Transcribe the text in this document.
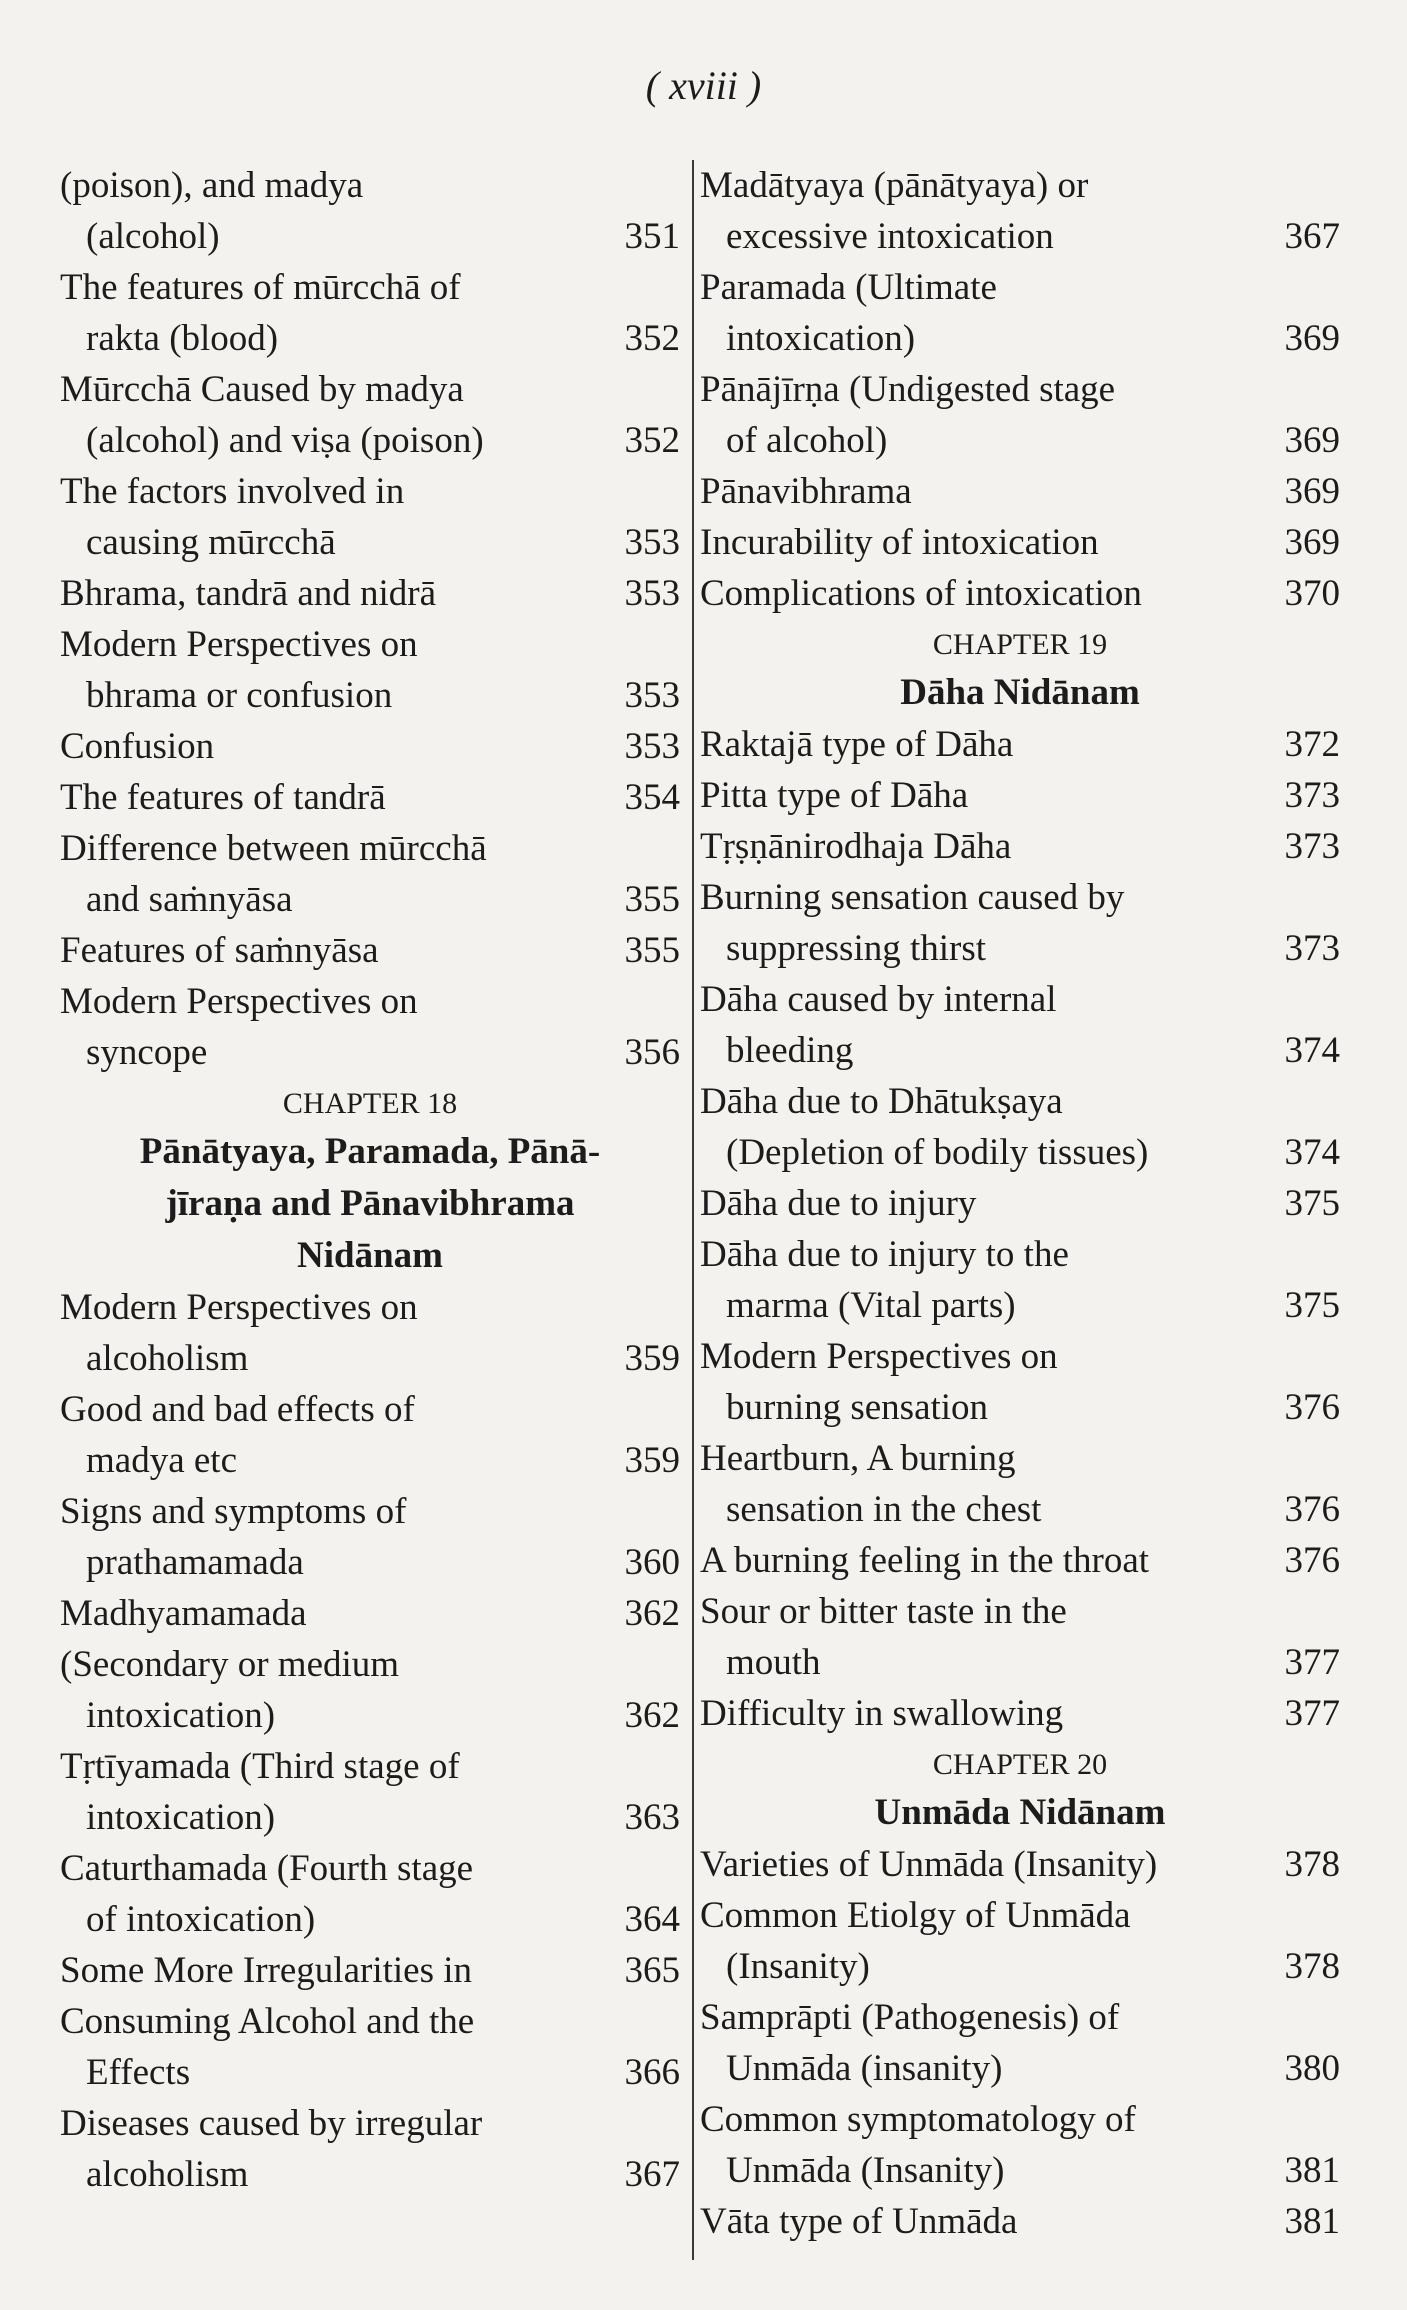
( xviii )
(poison), and madya
(alcohol)	351
The features of mūrcchā of
rakta (blood)	352
Mūrcchā Caused by madya
(alcohol) and viṣa (poison)	352
The factors involved in
causing mūrcchā	353
Bhrama, tandrā and nidrā	353
Modern Perspectives on
bhrama or confusion	353
Confusion	353
The features of tandrā	354
Difference between mūrcchā
and saṁnyāsa	355
Features of saṁnyāsa	355
Modern Perspectives on
syncope	356
CHAPTER 18
Pānātyaya, Paramada, Pānā-
jīraṇa and Pānavibhrama
Nidānam
Modern Perspectives on
alcoholism	359
Good and bad effects of
madya etc	359
Signs and symptoms of
prathamamada	360
Madhyamamada	362
(Secondary or medium
intoxication)	362
Tṛtīyamada (Third stage of
intoxication)	363
Caturthamada (Fourth stage
of intoxication)	364
Some More Irregularities in	365
Consuming Alcohol and the
Effects	366
Diseases caused by irregular
alcoholism	367
Madātyaya (pānātyaya) or
excessive intoxication	367
Paramada (Ultimate
intoxication)	369
Pānājīrṇa (Undigested stage
of alcohol)	369
Pānavibhrama	369
Incurability of intoxication	369
Complications of intoxication	370
CHAPTER 19
Dāha Nidānam
Raktajā type of Dāha	372
Pitta type of Dāha	373
Tṛṣṇānirodhaja Dāha	373
Burning sensation caused by
suppressing thirst	373
Dāha caused by internal
bleeding	374
Dāha due to Dhātukṣaya
(Depletion of bodily tissues)	374
Dāha due to injury	375
Dāha due to injury to the
marma (Vital parts)	375
Modern Perspectives on
burning sensation	376
Heartburn, A burning
sensation in the chest	376
A burning feeling in the throat	376
Sour or bitter taste in the
mouth	377
Difficulty in swallowing	377
CHAPTER 20
Unmāda Nidānam
Varieties of Unmāda (Insanity)	378
Common Etiolgy of Unmāda
(Insanity)	378
Samprāpti (Pathogenesis) of
Unmāda (insanity)	380
Common symptomatology of
Unmāda (Insanity)	381
Vāta type of Unmāda	381
